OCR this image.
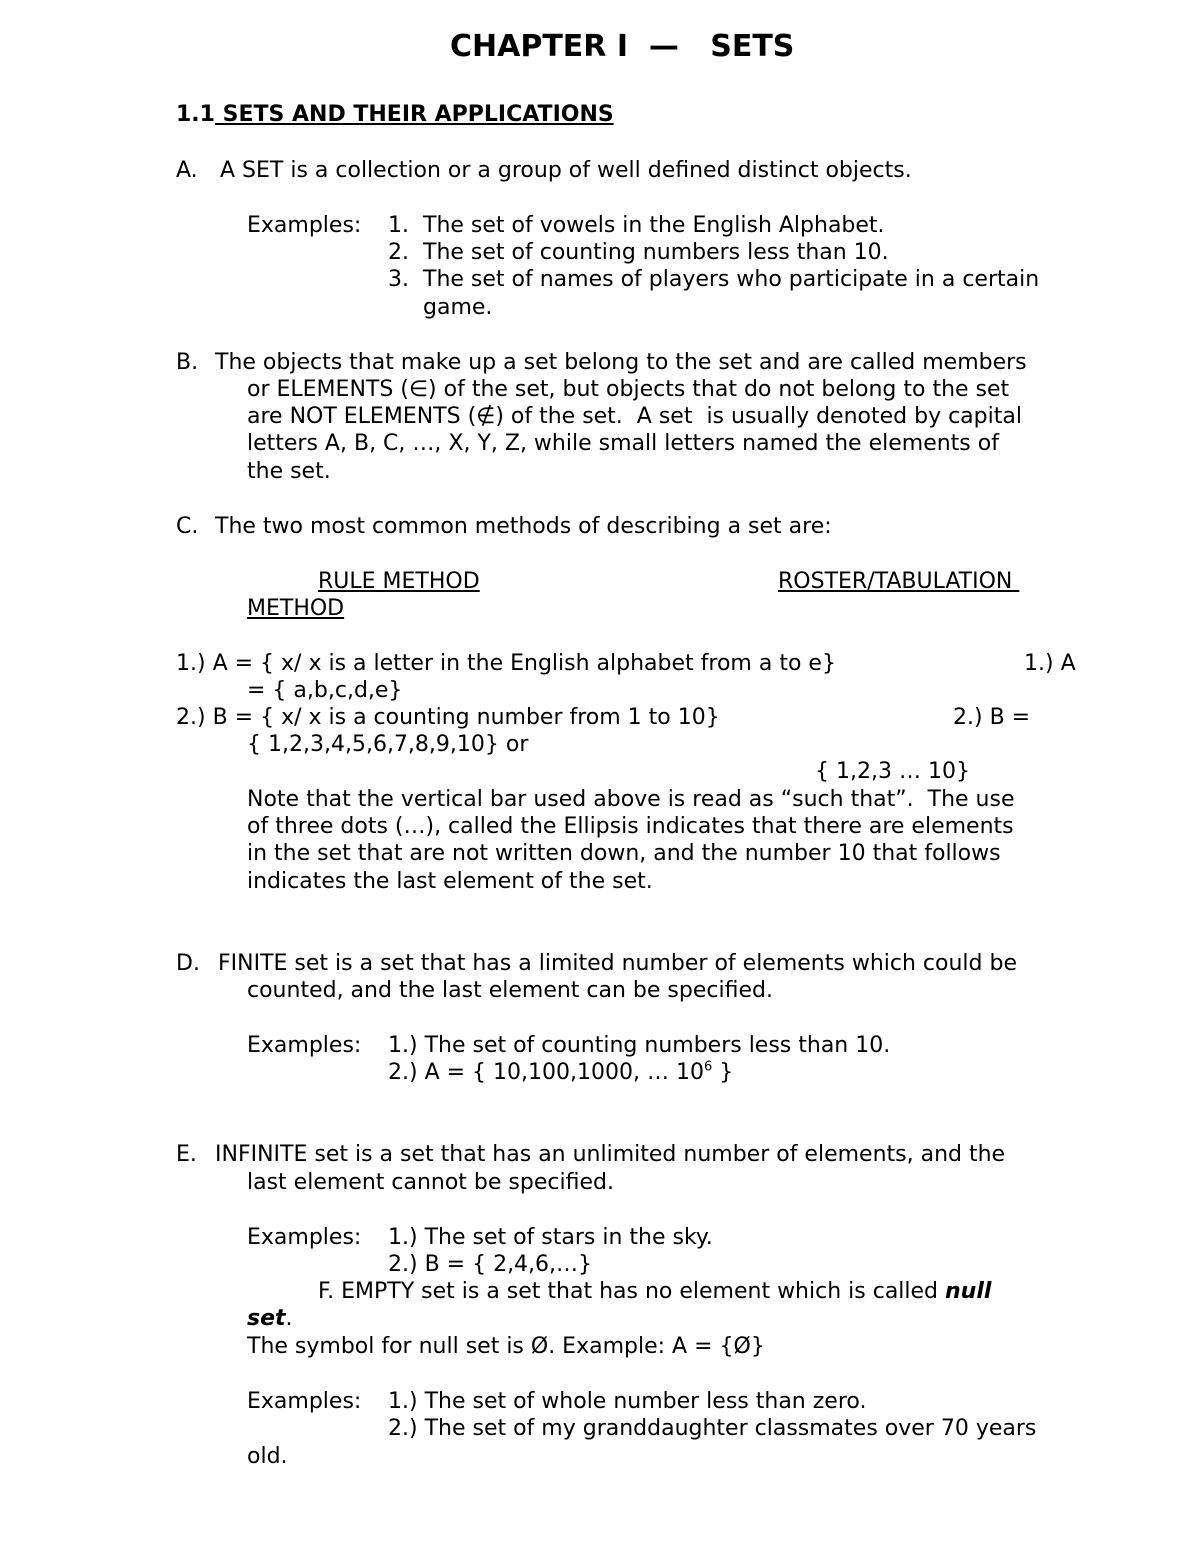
CHAPTER I  —   SETS
1.1 SETS AND THEIR APPLICATIONS
A. A SET is a collection or a group of well defined distinct objects.
Examples: 1. The set of vowels in the English Alphabet.
2. The set of counting numbers less than 10.
3. The set of names of players who participate in a certain
game.
B. The objects that make up a set belong to the set and are called members
or ELEMENTS (∈) of the set, but objects that do not belong to the set
are NOT ELEMENTS (∉) of the set.  A set  is usually denoted by capital
letters A, B, C, …, X, Y, Z, while small letters named the elements of
the set.
C. The two most common methods of describing a set are:
RULE METHOD	ROSTER/TABULATION
METHOD
1.) A = { x/ x is a letter in the English alphabet from a to e}	1.) A
= { a,b,c,d,e}
2.) B = { x/ x is a counting number from 1 to 10}	2.) B =
{ 1,2,3,4,5,6,7,8,9,10} or
{ 1,2,3 … 10}
Note that the vertical bar used above is read as “such that”.  The use
of three dots (…), called the Ellipsis indicates that there are elements
in the set that are not written down, and the number 10 that follows
indicates the last element of the set.
D. FINITE set is a set that has a limited number of elements which could be
counted, and the last element can be specified.
Examples: 1.) The set of counting numbers less than 10.
2.) A = { 10,100,1000, … $10^6$ }
E. INFINITE set is a set that has an unlimited number of elements, and the
last element cannot be specified.
Examples: 1.) The set of stars in the sky.
2.) B = { 2,4,6,…}
F. EMPTY set is a set that has no element which is called null
set.
The symbol for null set is Ø. Example: A = {Ø}
Examples: 1.) The set of whole number less than zero.
2.) The set of my granddaughter classmates over 70 years
old.
